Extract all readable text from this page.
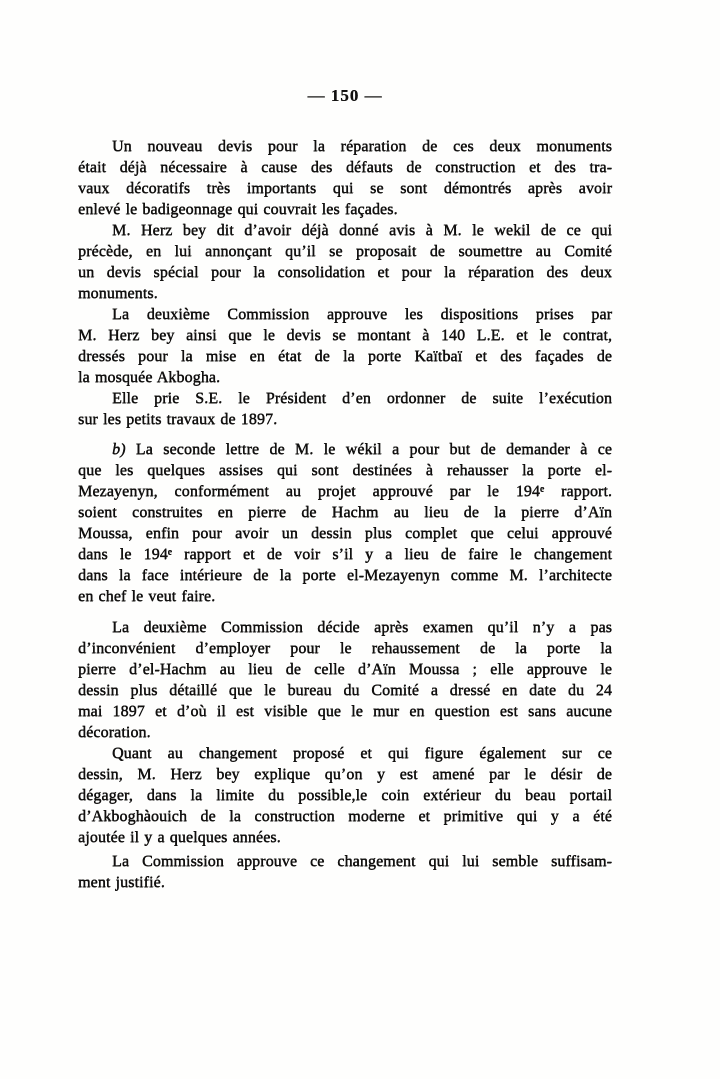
— 150 —
Un nouveau devis pour la réparation de ces deux monuments
était déjà nécessaire à cause des défauts de construction et des tra-
vaux décoratifs très importants qui se sont démontrés après avoir
enlevé le badigeonnage qui couvrait les façades.
M. Herz bey dit d’avoir déjà donné avis à M. le wekil de ce qui
précède, en lui annonçant qu’il se proposait de soumettre au Comité
un devis spécial pour la consolidation et pour la réparation des deux
monuments.
La deuxième Commission approuve les dispositions prises par
M. Herz bey ainsi que le devis se montant à 140 L.E. et le contrat,
dressés pour la mise en état de la porte Kaïtbaï et des façades de
la mosquée Akbogha.
Elle prie S.E. le Président d’en ordonner de suite l’exécution
sur les petits travaux de 1897.
b) La seconde lettre de M. le wékil a pour but de demander à ce
que les quelques assises qui sont destinées à rehausser la porte el-
Mezayenyn, conformément au projet approuvé par le 194ᵉ rapport.
soient construites en pierre de Hachm au lieu de la pierre d’Aïn
Moussa, enfin pour avoir un dessin plus complet que celui approuvé
dans le 194ᵉ rapport et de voir s’il y a lieu de faire le changement
dans la face intérieure de la porte el-Mezayenyn comme M. l’architecte
en chef le veut faire.
La deuxième Commission décide après examen qu’il n’y a pas
d’inconvénient d’employer pour le rehaussement de la porte la
pierre d’el-Hachm au lieu de celle d’Aïn Moussa ; elle approuve le
dessin plus détaillé que le bureau du Comité a dressé en date du 24
mai 1897 et d’où il est visible que le mur en question est sans aucune
décoration.
Quant au changement proposé et qui figure également sur ce
dessin, M. Herz bey explique qu’on y est amené par le désir de
dégager, dans la limite du possible,le coin extérieur du beau portail
d’Akboghàouich de la construction moderne et primitive qui y a été
ajoutée il y a quelques années.
La Commission approuve ce changement qui lui semble suffisam-
ment justifié.
